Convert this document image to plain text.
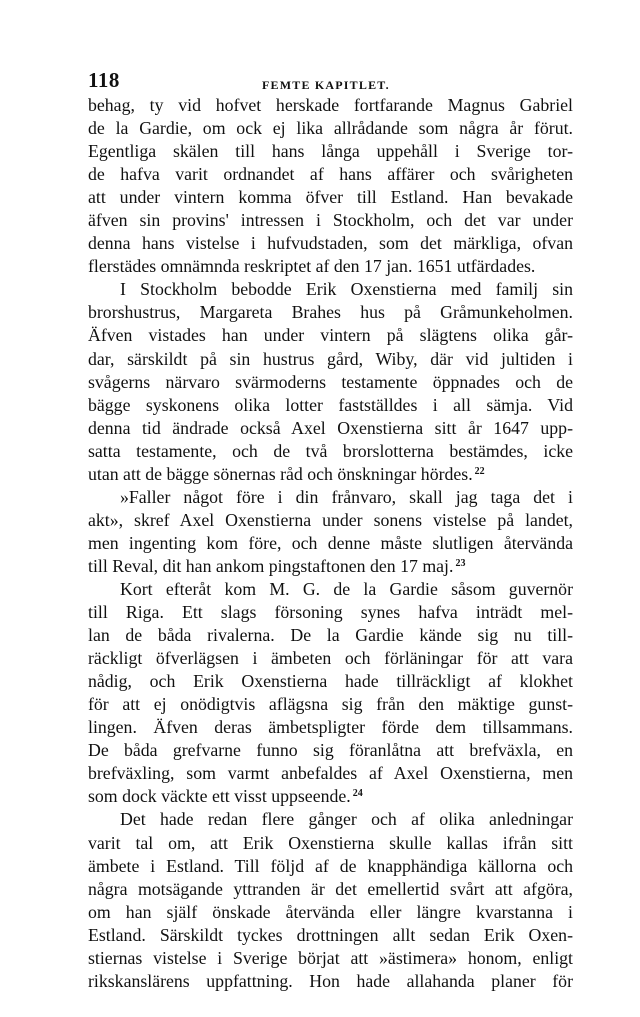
118	FEMTE KAPITLET.
behag, ty vid hofvet herskade fortfarande Magnus Gabriel
de la Gardie, om ock ej lika allrådande som några år förut.
Egentliga skälen till hans långa uppehåll i Sverige tor-
de hafva varit ordnandet af hans affärer och svårigheten
att under vintern komma öfver till Estland. Han bevakade
äfven sin provins' intressen i Stockholm, och det var under
denna hans vistelse i hufvudstaden, som det märkliga, ofvan
flerstädes omnämnda reskriptet af den 17 jan. 1651 utfärdades.
I Stockholm bebodde Erik Oxenstierna med familj sin
brorshustrus, Margareta Brahes hus på Gråmunkeholmen.
Äfven vistades han under vintern på slägtens olika går-
dar, särskildt på sin hustrus gård, Wiby, där vid jultiden i
svågerns närvaro svärmoderns testamente öppnades och de
bägge syskonens olika lotter fastställdes i all sämja. Vid
denna tid ändrade också Axel Oxenstierna sitt år 1647 upp-
satta testamente, och de två brorslotterna bestämdes, icke
utan att de bägge sönernas råd och önskningar hördes. $^{22}$
»Faller något före i din frånvaro, skall jag taga det i
akt», skref Axel Oxenstierna under sonens vistelse på landet,
men ingenting kom före, och denne måste slutligen återvända
till Reval, dit han ankom pingstaftonen den 17 maj. $^{23}$
Kort efteråt kom M. G. de la Gardie såsom guvernör
till Riga. Ett slags försoning synes hafva inträdt mel-
lan de båda rivalerna. De la Gardie kände sig nu till-
räckligt öfverlägsen i ämbeten och förläningar för att vara
nådig, och Erik Oxenstierna hade tillräckligt af klokhet
för att ej onödigtvis aflägsna sig från den mäktige gunst-
lingen. Äfven deras ämbetspligter förde dem tillsammans.
De båda grefvarne funno sig föranlåtna att brefväxla, en
brefväxling, som varmt anbefaldes af Axel Oxenstierna, men
som dock väckte ett visst uppseende. $^{24}$
Det hade redan flere gånger och af olika anledningar
varit tal om, att Erik Oxenstierna skulle kallas ifrån sitt
ämbete i Estland. Till följd af de knapphändiga källorna och
några motsägande yttranden är det emellertid svårt att afgöra,
om han själf önskade återvända eller längre kvarstanna i
Estland. Särskildt tyckes drottningen allt sedan Erik Oxen-
stiernas vistelse i Sverige börjat att »ästimera» honom, enligt
rikskanslärens uppfattning. Hon hade allahanda planer för
